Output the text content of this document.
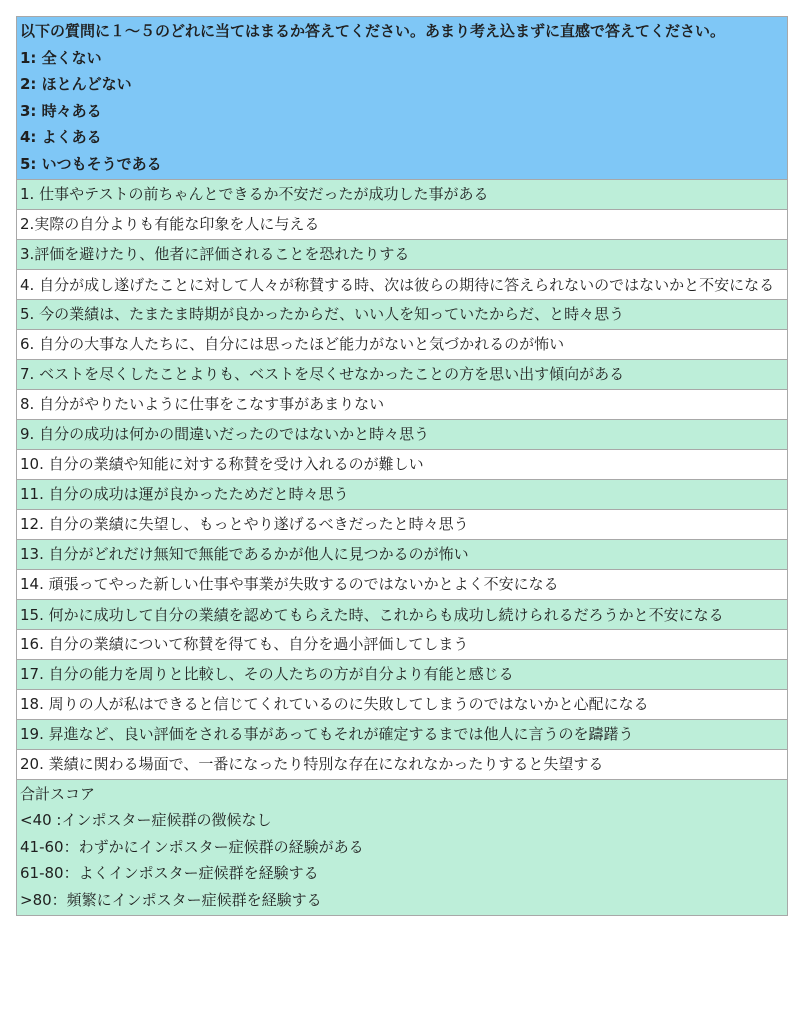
以下の質問に１～５のどれに当てはまるか答えてください。あまり考え込まずに直感で答えてください。
1: 全くない
2: ほとんどない
3: 時々ある
4: よくある
5: いつもそうである

1. 仕事やテストの前ちゃんとできるか不安だったが成功した事がある
2.実際の自分よりも有能な印象を人に与える
3.評価を避けたり、他者に評価されることを恐れたりする
4. 自分が成し遂げたことに対して人々が称賛する時、次は彼らの期待に答えられないのではないかと不安になる
5. 今の業績は、たまたま時期が良かったからだ、いい人を知っていたからだ、と時々思う
6. 自分の大事な人たちに、自分には思ったほど能力がないと気づかれるのが怖い
7. ベストを尽くしたことよりも、ベストを尽くせなかったことの方を思い出す傾向がある
8. 自分がやりたいように仕事をこなす事があまりない
9. 自分の成功は何かの間違いだったのではないかと時々思う
10. 自分の業績や知能に対する称賛を受け入れるのが難しい
11. 自分の成功は運が良かったためだと時々思う
12. 自分の業績に失望し、もっとやり遂げるべきだったと時々思う
13. 自分がどれだけ無知で無能であるかが他人に見つかるのが怖い
14. 頑張ってやった新しい仕事や事業が失敗するのではないかとよく不安になる
15. 何かに成功して自分の業績を認めてもらえた時、これからも成功し続けられるだろうかと不安になる
16. 自分の業績について称賛を得ても、自分を過小評価してしまう
17. 自分の能力を周りと比較し、その人たちの方が自分より有能と感じる
18. 周りの人が私はできると信じてくれているのに失敗してしまうのではないかと心配になる
19. 昇進など、良い評価をされる事があってもそれが確定するまでは他人に言うのを躊躇う
20. 業績に関わる場面で、一番になったり特別な存在になれなかったりすると失望する

合計スコア
<40 :インポスター症候群の徴候なし
41-60：わずかにインポスター症候群の経験がある
61-80：よくインポスター症候群を経験する
>80：頻繁にインポスター症候群を経験する
